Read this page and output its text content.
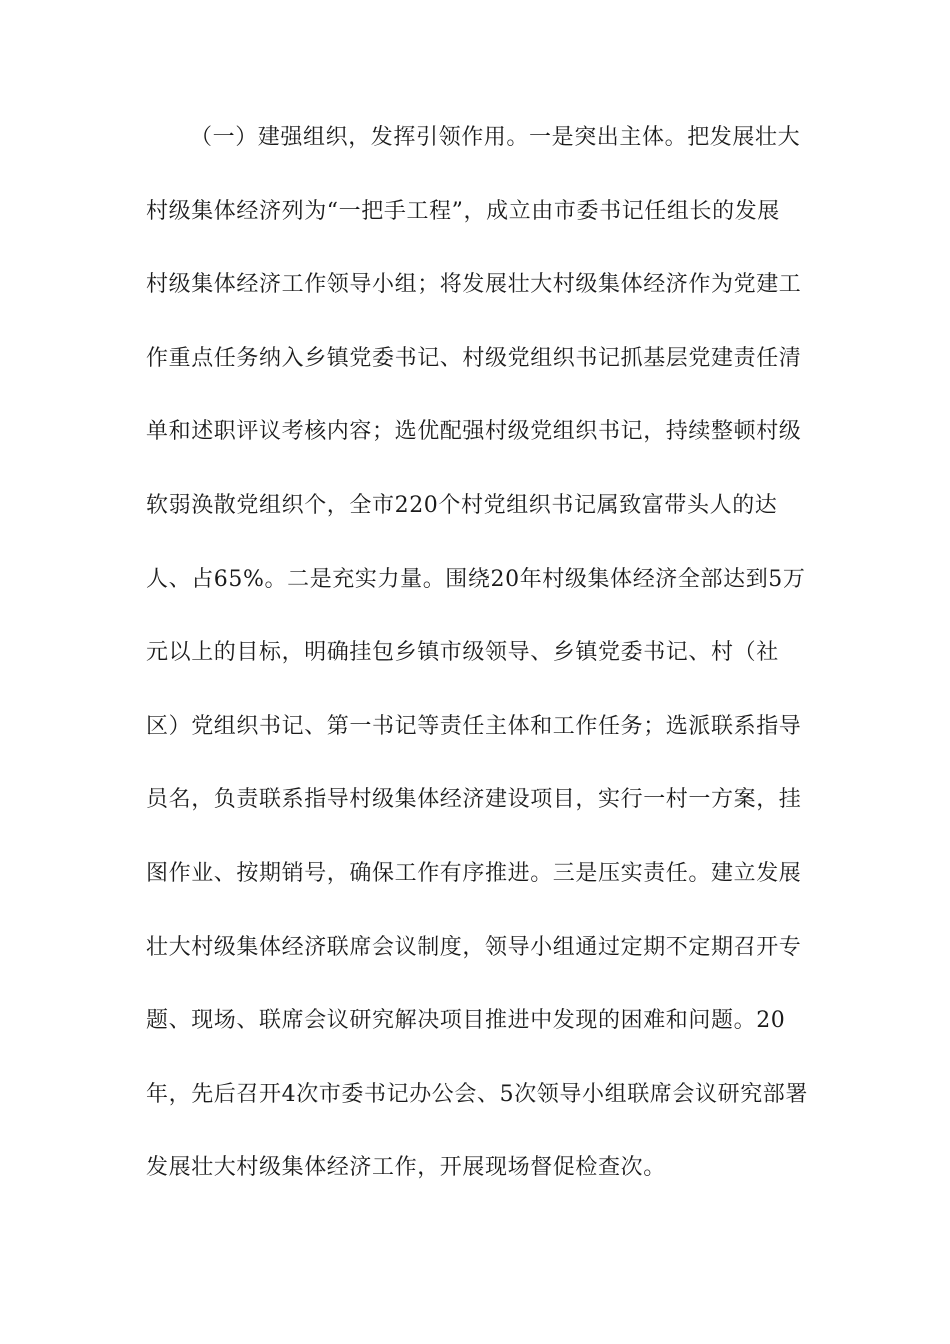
（一）建强组织，发挥引领作用。一是突出主体。把发展壮大
村级集体经济列为“一把手工程”，成立由市委书记任组长的发展
村级集体经济工作领导小组；将发展壮大村级集体经济作为党建工
作重点任务纳入乡镇党委书记、村级党组织书记抓基层党建责任清
单和述职评议考核内容；选优配强村级党组织书记，持续整顿村级
软弱涣散党组织个，全市220个村党组织书记属致富带头人的达
人、占65%。二是充实力量。围绕20年村级集体经济全部达到5万
元以上的目标，明确挂包乡镇市级领导、乡镇党委书记、村（社
区）党组织书记、第一书记等责任主体和工作任务；选派联系指导
员名，负责联系指导村级集体经济建设项目，实行一村一方案，挂
图作业、按期销号，确保工作有序推进。三是压实责任。建立发展
壮大村级集体经济联席会议制度，领导小组通过定期不定期召开专
题、现场、联席会议研究解决项目推进中发现的困难和问题。20
年，先后召开4次市委书记办公会、5次领导小组联席会议研究部署
发展壮大村级集体经济工作，开展现场督促检查次。
